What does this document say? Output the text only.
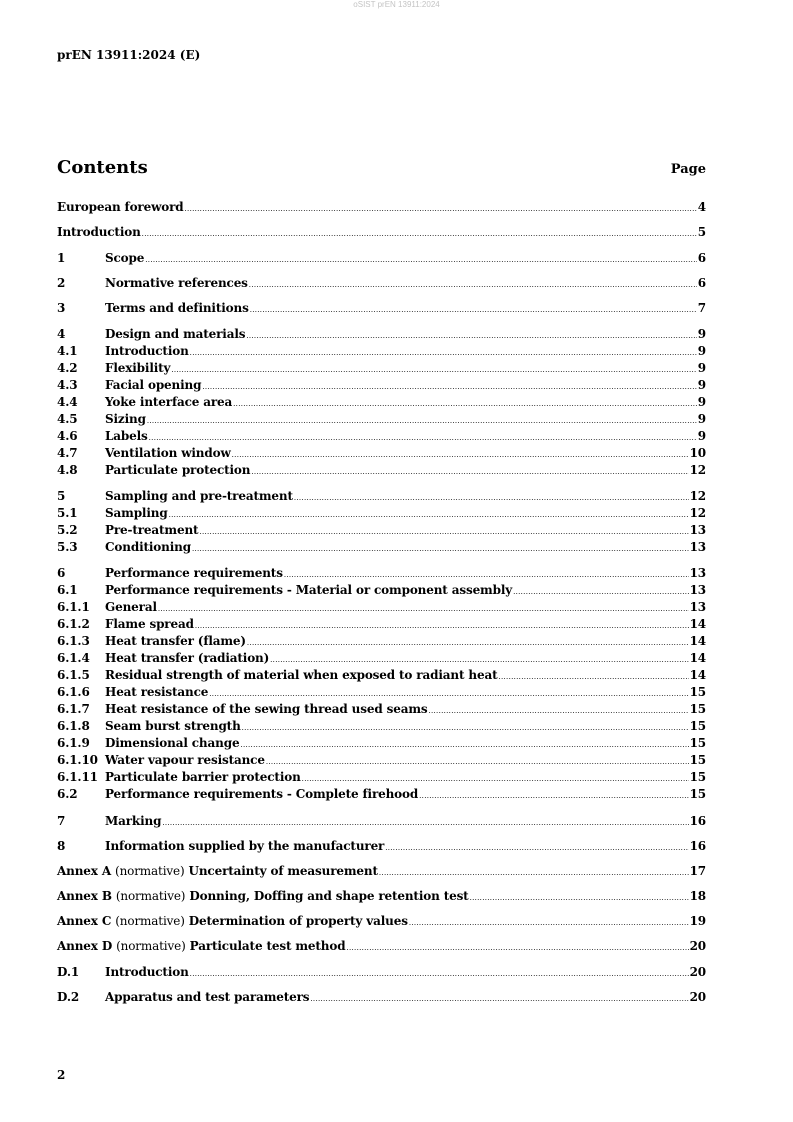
oSIST prEN 13911:2024
prEN 13911:2024 (E)
Contents	Page
European foreword .....	4
Introduction .....	5
1	Scope .....	6
2	Normative references .....	6
3	Terms and definitions .....	7
4	Design and materials .....	9
4.1	Introduction .....	9
4.2	Flexibility .....	9
4.3	Facial opening .....	9
4.4	Yoke interface area .....	9
4.5	Sizing .....	9
4.6	Labels .....	9
4.7	Ventilation window .....	10
4.8	Particulate protection .....	12
5	Sampling and pre-treatment .....	12
5.1	Sampling .....	12
5.2	Pre-treatment .....	13
5.3	Conditioning .....	13
6	Performance requirements .....	13
6.1	Performance requirements - Material or component assembly .....	13
6.1.1	General .....	13
6.1.2	Flame spread .....	14
6.1.3	Heat transfer (flame) .....	14
6.1.4	Heat transfer (radiation) .....	14
6.1.5	Residual strength of material when exposed to radiant heat .....	14
6.1.6	Heat resistance .....	15
6.1.7	Heat resistance of the sewing thread used seams .....	15
6.1.8	Seam burst strength .....	15
6.1.9	Dimensional change .....	15
6.1.10 Water vapour resistance .....	15
6.1.11 Particulate barrier protection .....	15
6.2	Performance requirements - Complete firehood .....	15
7	Marking .....	16
8	Information supplied by the manufacturer .....	16
Annex A (normative) Uncertainty of measurement .....	17
Annex B (normative) Donning, Doffing and shape retention test .....	18
Annex C (normative) Determination of property values .....	19
Annex D (normative) Particulate test method .....	20
D.1	Introduction .....	20
D.2	Apparatus and test parameters .....	20
2
